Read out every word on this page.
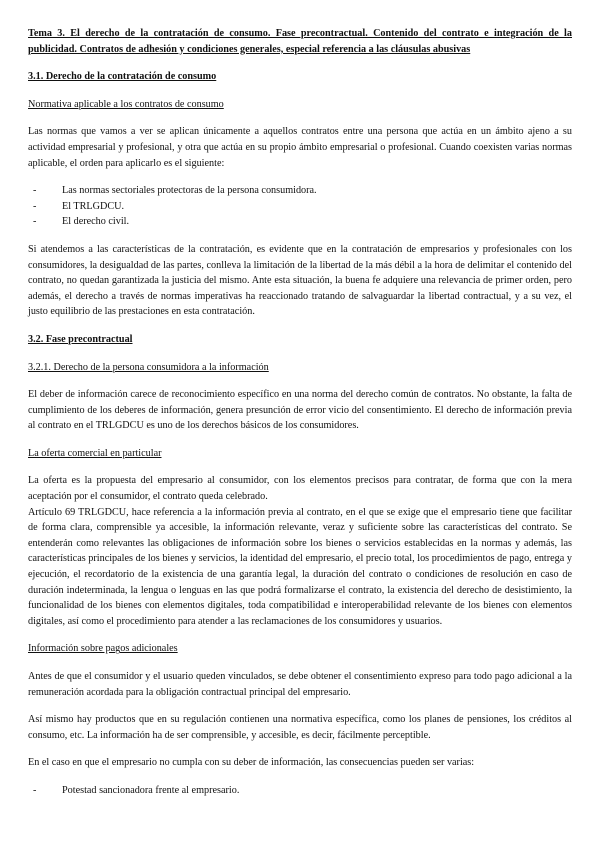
Tema 3. El derecho de la contratación de consumo. Fase precontractual. Contenido del contrato e integración de la publicidad. Contratos de adhesión y condiciones generales, especial referencia a las cláusulas abusivas
3.1. Derecho de la contratación de consumo
Normativa aplicable a los contratos de consumo

Las normas que vamos a ver se aplican únicamente a aquellos contratos entre una persona que actúa en un ámbito ajeno a su actividad empresarial y profesional, y otra que actúa en su propio ámbito empresarial o profesional. Cuando coexisten varias normas aplicable, el orden para aplicarlo es el siguiente:

- Las normas sectoriales protectoras de la persona consumidora.
- El TRLGDCU.
- El derecho civil.

Si atendemos a las características de la contratación, es evidente que en la contratación de empresarios y profesionales con los consumidores, la desigualdad de las partes, conlleva la limitación de la libertad de la más débil a la hora de delimitar el contenido del contrato, no quedan garantizada la justicia del mismo. Ante esta situación, la buena fe adquiere una relevancia de primer orden, pero además, el derecho a través de normas imperativas ha reaccionado tratando de salvaguardar la libertad contractual, y a su vez, el justo equilibrio de las prestaciones en esta contratación.

3.2. Fase precontractual
3.2.1. Derecho de la persona consumidora a la información

El deber de información carece de reconocimiento específico en una norma del derecho común de contratos. No obstante, la falta de cumplimiento de los deberes de información, genera presunción de error vicio del consentimiento. El derecho de información previa al contrato en el TRLGDCU es uno de los derechos básicos de los consumidores.

La oferta comercial en particular

La oferta es la propuesta del empresario al consumidor, con los elementos precisos para contratar, de forma que con la mera aceptación por el consumidor, el contrato queda celebrado.

Artículo 69 TRLGDCU, hace referencia a la información previa al contrato, en el que se exige que el empresario tiene que facilitar de forma clara, comprensible ya accesible, la información relevante, veraz y suficiente sobre las características del contrato. Se entenderán como relevantes las obligaciones de información sobre los bienes o servicios establecidas en la normas y además, las características principales de los bienes y servicios, la identidad del empresario, el precio total, los procedimientos de pago, entrega y ejecución, el recordatorio de la existencia de una garantía legal, la duración del contrato o condiciones de resolución en caso de duración indeterminada, la lengua o lenguas en las que podrá formalizarse el contrato, la existencia del derecho de desistimiento, la funcionalidad de los bienes con elementos digitales, toda compatibilidad e interoperabilidad relevante de los bienes con elementos digitales, así como el procedimiento para atender a las reclamaciones de los consumidores y usuarios.

Información sobre pagos adicionales

Antes de que el consumidor y el usuario queden vinculados, se debe obtener el consentimiento expreso para todo pago adicional a la remuneración acordada para la obligación contractual principal del empresario.

Así mismo hay productos que en su regulación contienen una normativa específica, como los planes de pensiones, los créditos al consumo, etc. La información ha de ser comprensible, y accesible, es decir, fácilmente perceptible.

En el caso en que el empresario no cumpla con su deber de información, las consecuencias pueden ser varias:

- Potestad sancionadora frente al empresario.
